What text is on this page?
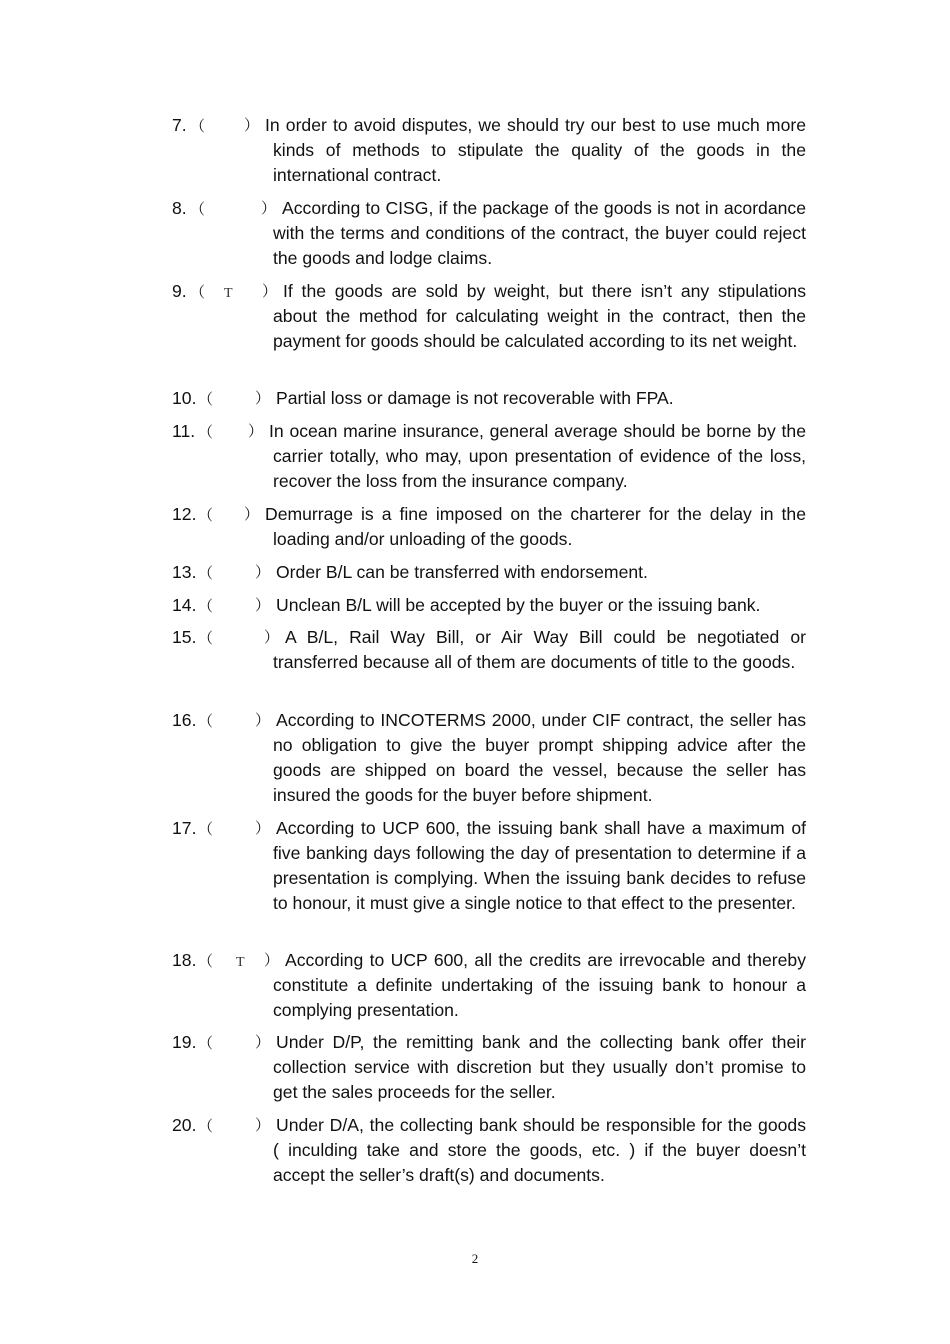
2
7. （	） In order to avoid disputes, we should try our best to use much more kinds of methods to stipulate the quality of the goods in the international contract.
8. （	） According to CISG, if the package of the goods is not in acordance with the terms and conditions of the contract, the buyer could reject the goods and lodge claims.
9. （ T ） If the goods are sold by weight, but there isn’t any stipulations about the method for calculating weight in the contract, then the payment for goods should be calculated according to its net weight.
10. （	） Partial loss or damage is not recoverable with FPA.
11. （ ） In ocean marine insurance, general average should be borne by the carrier totally, who may, upon presentation of evidence of the loss, recover the loss from the insurance company.
12. （ ） Demurrage is a fine imposed on the charterer for the delay in the loading and/or unloading of the goods.
13. （	） Order B/L can be transferred with endorsement.
14. （	） Unclean B/L will be accepted by the buyer or the issuing bank.
15. （	） A B/L, Rail Way Bill, or Air Way Bill could be negotiated or transferred because all of them are documents of title to the goods.
16. （	） According to INCOTERMS 2000, under CIF contract, the seller has no obligation to give the buyer prompt shipping advice after the goods are shipped on board the vessel, because the seller has insured the goods for the buyer before shipment.
17. （	） According to UCP 600, the issuing bank shall have a maximum of five banking days following the day of presentation to determine if a presentation is complying. When the issuing bank decides to refuse to honour, it must give a single notice to that effect to the presenter.
18. （ T ） According to UCP 600, all the credits are irrevocable and thereby constitute a definite undertaking of the issuing bank to honour a complying presentation.
19. （	） Under D/P, the remitting bank and the collecting bank offer their collection service with discretion but they usually don’t promise to get the sales proceeds for the seller.
20. （	） Under D/A, the collecting bank should be responsible for the goods ( inculding take and store the goods, etc. ) if the buyer doesn’t accept the seller’s draft(s) and documents.
